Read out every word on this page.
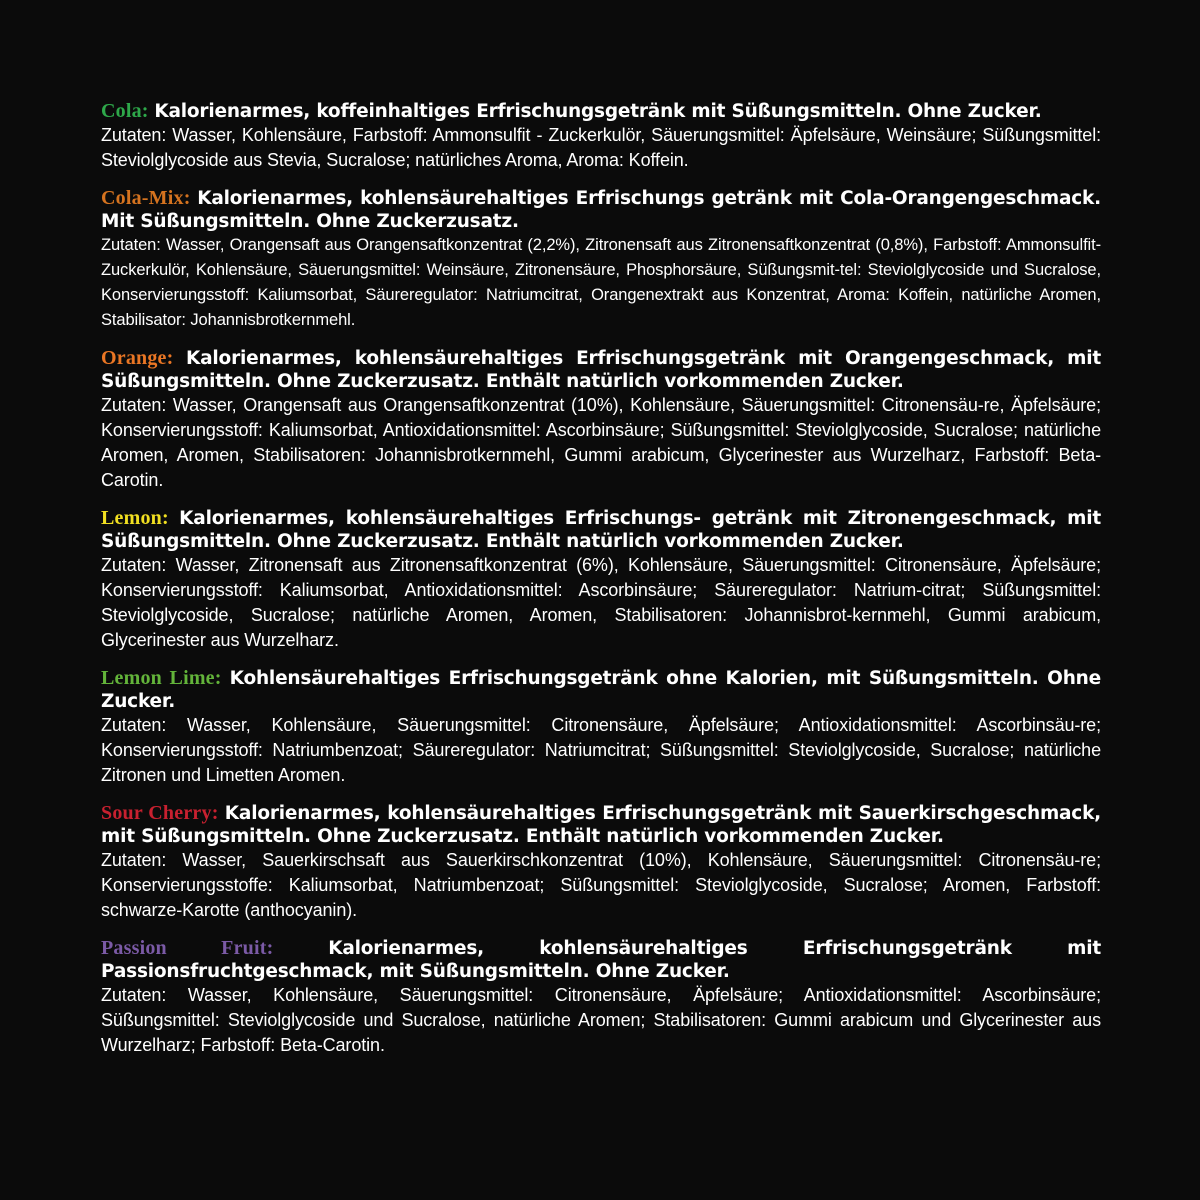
Cola: Kalorienarmes, koffeinhaltiges Erfrischungsgetränk mit Süßungsmitteln. Ohne Zucker.
Zutaten: Wasser, Kohlensäure, Farbstoff: Ammonsulfit - Zuckerkulör, Säuerungsmittel: Äpfelsäure, Weinsäure; Süßungsmittel: Steviolglycoside aus Stevia, Sucralose; natürliches Aroma, Aroma: Koffein.
Cola-Mix: Kalorienarmes, kohlensäurehaltiges Erfrischungs getränk mit Cola-Orangengeschmack. Mit Süßungsmitteln. Ohne Zuckerzusatz.
Zutaten: Wasser, Orangensaft aus Orangensaftkonzentrat (2,2%), Zitronensaft aus Zitronensaftkonzentrat (0,8%), Farbstoff: Ammonsulfit-Zuckerkulör, Kohlensäure, Säuerungsmittel: Weinsäure, Zitronensäure, Phosphorsäure, Süßungsmit-tel: Steviolglycoside und Sucralose, Konservierungsstoff: Kaliumsorbat, Säureregulator: Natriumcitrat, Orangenextrakt aus Konzentrat, Aroma: Koffein, natürliche Aromen, Stabilisator: Johannisbrotkernmehl.
Orange: Kalorienarmes, kohlensäurehaltiges Erfrischungsgetränk mit Orangengeschmack, mit Süßungsmitteln. Ohne Zuckerzusatz. Enthält natürlich vorkommenden Zucker.
Zutaten: Wasser, Orangensaft aus Orangensaftkonzentrat (10%), Kohlensäure, Säuerungsmittel: Citronensäu-re, Äpfelsäure; Konservierungsstoff: Kaliumsorbat, Antioxidationsmittel: Ascorbinsäure; Süßungsmittel: Steviolglycoside, Sucralose; natürliche Aromen, Aromen, Stabilisatoren: Johannisbrotkernmehl, Gummi arabicum, Glycerinester aus Wurzelharz, Farbstoff: Beta-Carotin.
Lemon: Kalorienarmes, kohlensäurehaltiges Erfrischungs- getränk mit Zitronengeschmack, mit Süßungsmitteln. Ohne Zuckerzusatz. Enthält natürlich vorkommenden Zucker.
Zutaten: Wasser, Zitronensaft aus Zitronensaftkonzentrat (6%), Kohlensäure, Säuerungsmittel: Citronensäure, Äpfelsäure; Konservierungsstoff: Kaliumsorbat, Antioxidationsmittel: Ascorbinsäure; Säureregulator: Natrium-citrat; Süßungsmittel: Steviolglycoside, Sucralose; natürliche Aromen, Aromen, Stabilisatoren: Johannisbrot-kernmehl, Gummi arabicum, Glycerinester aus Wurzelharz.
Lemon Lime: Kohlensäurehaltiges Erfrischungsgetränk ohne Kalorien, mit Süßungsmitteln. Ohne Zucker.
Zutaten: Wasser, Kohlensäure, Säuerungsmittel: Citronensäure, Äpfelsäure; Antioxidationsmittel: Ascorbinsäu-re; Konservierungsstoff: Natriumbenzoat; Säureregulator: Natriumcitrat; Süßungsmittel: Steviolglycoside, Sucralose; natürliche Zitronen und Limetten Aromen.
Sour Cherry: Kalorienarmes, kohlensäurehaltiges Erfrischungsgetränk mit Sauerkirschgeschmack, mit Süßungsmitteln. Ohne Zuckerzusatz. Enthält natürlich vorkommenden Zucker.
Zutaten: Wasser, Sauerkirschsaft aus Sauerkirschkonzentrat (10%), Kohlensäure, Säuerungsmittel: Citronensäu-re; Konservierungsstoffe: Kaliumsorbat, Natriumbenzoat; Süßungsmittel: Steviolglycoside, Sucralose; Aromen, Farbstoff: schwarze-Karotte (anthocyanin).
Passion Fruit:	Kalorienarmes, kohlensäurehaltiges Erfrischungsgetränk mit Passionsfruchtgeschmack, mit Süßungsmitteln. Ohne Zucker.
Zutaten: Wasser, Kohlensäure, Säuerungsmittel: Citronensäure, Äpfelsäure; Antioxidationsmittel: Ascorbinsäure; Süßungsmittel: Steviolglycoside und Sucralose, natürliche Aromen; Stabilisatoren: Gummi arabicum und Glycerinester aus Wurzelharz; Farbstoff: Beta-Carotin.
